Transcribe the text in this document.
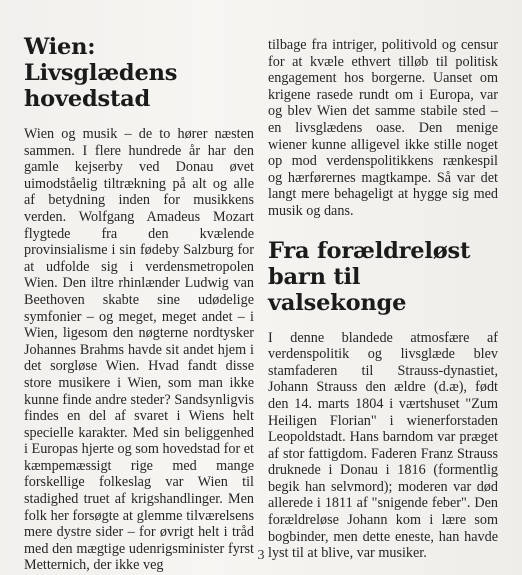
Wien: Livsglædens hovedstad

Wien og musik – de to hører næsten sammen. I flere hundrede år har den gamle kejserby ved Donau øvet uimodståelig tiltrækning på alt og alle af betydning inden for musikkens verden. Wolfgang Amadeus Mozart flygtede fra den kvælende provinsialisme i sin fødeby Salzburg for at udfolde sig i verdensmetropolen Wien. Den iltre rhinlænder Ludwig van Beethoven skabte sine udødelige symfonier – og meget, meget andet – i Wien, ligesom den nøgterne nordtysker Johannes Brahms havde sit andet hjem i det sorgløse Wien. Hvad fandt disse store musikere i Wien, som man ikke kunne finde andre steder? Sandsynligvis findes en del af svaret i Wiens helt specielle karakter. Med sin beliggenhed i Europas hjerte og som hovedstad for et kæmpemæssigt rige med mange forskellige folkeslag var Wien til stadighed truet af krigshandlinger. Men folk her forsøgte at glemme tilværelsens mere dystre sider – for øvrigt helt i tråd med den mægtige udenrigsminister fyrst Metternich, der ikke veg

tilbage fra intriger, politivold og censur for at kvæle ethvert tilløb til politisk engagement hos borgerne. Uanset om krigene rasede rundt om i Europa, var og blev Wien det samme stabile sted – en livsglædens oase. Den menige wiener kunne alligevel ikke stille noget op mod verdenspolitikkens rænkespil og hærførernes magtkampe. Så var det langt mere behageligt at hygge sig med musik og dans.

Fra forældreløst barn til valsekonge

I denne blandede atmosfære af verdenspolitik og livsglæde blev stamfaderen til Strauss-dynastiet, Johann Strauss den ældre (d.æ), født den 14. marts 1804 i værtshuset "Zum Heiligen Florian" i wienerforstaden Leopoldstadt. Hans barndom var præget af stor fattigdom. Faderen Franz Strauss druknede i Donau i 1816 (formentlig begik han selvmord); moderen var død allerede i 1811 af "snigende feber". Den forældreløse Johann kom i lære som bogbinder, men dette eneste, han havde lyst til at blive, var musiker.

3
